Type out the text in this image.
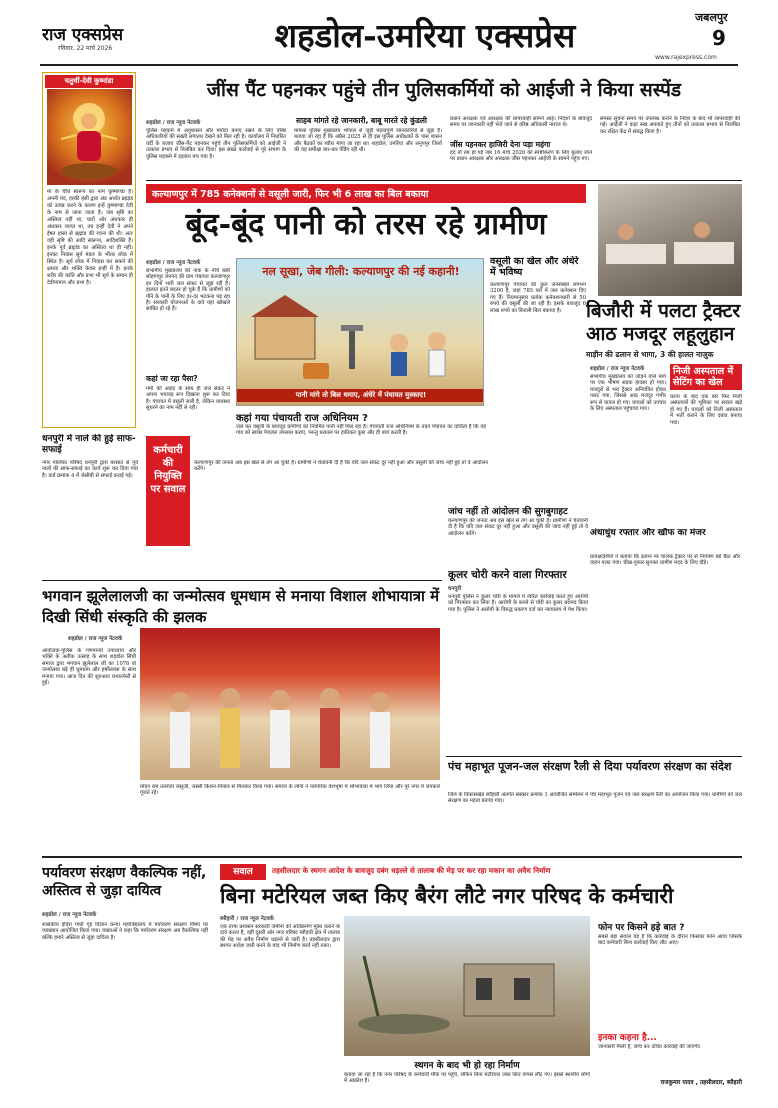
राज एक्सप्रेस
रविवार, 22 मार्च 2026	शहडोल-उमरिया एक्सप्रेस	जबलपुर
9
www.rajexpress.com
चतुर्थी-देवी कुष्मांडा
मां के चौथे स्वरूप का नाम कुष्माण्डा है। अपनी मंद, हल्की हंसी द्वारा अंड अर्थात ब्रह्मांड को उत्पन्न करने के कारण इन्हें कुष्माण्डा देवी के नाम से जाना जाता है। जब सृष्टि का अस्तित्व नहीं था, चारों ओर अंधकार ही अंधकार व्याप्त था, तब इन्हीं देवी ने अपने ईषत हास्य से ब्रह्मांड की रचना की थी। अतः यही सृष्टि की आदि स्वरूपा, आदिशक्ति हैं। इनके पूर्व ब्रह्मांड का अस्तित्व था ही नहीं। इनका निवास सूर्य मंडल के भीतर लोक में स्थित है। सूर्य लोक में निवास कर सकने की क्षमता और शक्ति केवल इन्हीं में है। इनके शरीर की कांति और प्रभा भी सूर्य के समान ही देदीप्यमान और प्रभा है।
धनपुरी में नाले की हुई साफ-सफाई
नगर पालिका परिषद धनपुरी द्वारा बरसात से पूर्व नालों की साफ-सफाई का कार्य शुरू कर दिया गया है। वार्ड क्रमांक 4 में जेसीबी से सफाई कराई गई।
जींस पैंट पहनकर पहुंचे तीन पुलिसकर्मियों को आईजी ने किया सस्पेंड
शहडोल / राज न्यूज नेटवर्क
पुलिस महकमे में अनुशासन और मर्यादा बनाए रखने के लिए वरिष्ठ अधिकारियों की सख्ती लगातार देखने को मिल रही है। कार्यालय में निर्धारित वर्दी के बजाय जींस-पैंट पहनकर पहुंचे तीन पुलिसकर्मियों को आईजी ने तत्काल प्रभाव से निलंबित कर दिया। इस सख्त कार्रवाई से पूरे संभाग के पुलिस महकमे में हड़कंप मच गया है।
साहब मांगते रहे जानकारी, बाबू मारते रहे कुंडली
मामला पुलिस मुख्यालय भोपाल से जुड़ी महत्वपूर्ण जानकारियों से जुड़ा है। बताया जा रहा है कि अप्रैल 2025 से ही इस पुलिस अधीक्षकों के पास शासन और बैठकों का ब्यौरा मांगा जा रहा था। शहडोल, उमरिया और अनूपपुर जिलों की यह समीक्षा बार-बार पेंडिंग रही थी।
प्रधान आरक्षक एवं आरक्षक की लापरवाही सामने आई। निर्देशों के बावजूद समय पर जानकारी नहीं भेजे जाने से वरिष्ठ अधिकारी नाराज थे।
जींस पहनकर हाजिरी देना पड़ा महंगा
हद तो तब हो गई जब 16 मार्च 2026 को स्पष्टीकरण के लिए बुलाए जाने पर प्रधान आरक्षक और आरक्षक जींस पहनकर आईजी के सामने पहुंच गए।
समस्त सूचना समय पर उपलब्ध कराने के निर्देश के बाद भी लापरवाही की गई। आईजी ने कड़ा रुख अपनाते हुए तीनों को तत्काल प्रभाव से निलंबित कर रक्षित केंद्र में संबद्ध किया है।
कल्याणपुर में 785 कनेक्शनों से वसूली जारी, फिर भी 6 लाख का बिल बकाया
बूंद-बूंद पानी को तरस रहे ग्रामीण
शहडोल / राज न्यूज नेटवर्क
संभागीय मुख्यालय की नाक के नीचे बसी सोहागपुर जनपद की ग्राम पंचायत कल्याणपुर इन दिनों भारी जल संकट से जूझ रही है। हालात इतने बदतर हो चुके हैं कि ग्रामीणों को पीने के पानी के लिए दर-दर भटकना पड़ रहा है। सरकारी योजनाओं के दावे यहां खोखले साबित हो रहे हैं।
कहां जा रहा पैसा?
गर्मी की आहट के साथ ही जल संकट ने अपना भयावह रूप दिखाना शुरू कर दिया है। पंचायत में वसूली जारी है, लेकिन व्यवस्था सुधरने का नाम नहीं ले रही।
नल सूखा, जेब गीली: कल्याणपुर की नई कहानी!
पानी मांगे तो बिल थमाए, अंधेरे में पंचायत मुस्काए!
कहां गया पंचायती राज अधिनियम ?
जल कर वसूली के बावजूद ग्रामीणों को नियमित पानी नहीं मिल रहा है। पंचायती राज अधिनियम के तहत पंचायत का दायित्व है कि वह गांव को स्वच्छ पेयजल उपलब्ध कराए, परन्तु धरातल पर हकीकत कुछ और ही बयां करती है।
कर्मचारी की नियुक्ति पर सवाल
कल्याणपुर की जनता अब इस खेल से तंग आ चुकी है। ग्रामीणों ने चेतावनी दी है कि यदि जल संकट दूर नहीं हुआ और वसूली की जांच नहीं हुई तो वे आंदोलन करेंगे।
वसूली का खेल और अंधेरे में भविष्य
कल्याणपुर पंचायत की कुल जनसंख्या लगभग 3200 है, जहां 785 घरों में जल कनेक्शन दिए गए हैं। नियमानुसार प्रत्येक कनेक्शनधारी से 50 रुपये की वसूली की जा रही है। इसके बावजूद 6 लाख रुपये का बिजली बिल बकाया है।
जांच नहीं तो आंदोलन की सुगबुगाहट
कल्याणपुर की जनता अब इस खेल से तंग आ चुकी है। ग्रामीणों ने चेतावनी दी है कि यदि जल संकट दूर नहीं हुआ और वसूली की जांच नहीं हुई तो वे आंदोलन करेंगे।
बिजौरी में पलटा ट्रैक्टर आठ मजदूर लहूलुहान
माड़ीन की ढलान से भागा, 3 की हालत नाज़ुक
शहडोल / राज न्यूज नेटवर्क
संभागीय मुख्यालय को जोड़ने वाले मार्ग पर एक भीषण सड़क हादसा हो गया। मजदूरों से भरा ट्रैक्टर अनियंत्रित होकर पलट गया, जिससे आठ मजदूर गंभीर रूप से घायल हो गए। घायलों को उपचार के लिए अस्पताल पहुंचाया गया।
निजी अस्पताल में सेटिंग का खेल
घटना के बाद एक बार फिर निजी अस्पतालों की भूमिका पर सवाल खड़े हो गए हैं। घायलों को निजी अस्पताल में भर्ती कराने के लिए दबाव बनाया गया।
अंधाधुंध रफ्तार और खौफ का मंजर
प्रत्यक्षदर्शियों ने बताया कि ढलान पर चालक ट्रैक्टर पर से नियंत्रण खो बैठा और वाहन पलट गया। चीख-पुकार सुनकर ग्रामीण मदद के लिए दौड़े।
भगवान झूलेलालजी का जन्मोत्सव धूमधाम से मनाया विशाल शोभायात्रा में दिखी सिंधी संस्कृति की झलक
शहडोल / राज न्यूज नेटवर्क
आयोजक-पुलिस के गणमान्यों उपाध्याय और भक्ति के अतीक उत्साह के साथ शहडोल सिंधी समाज द्वारा भगवान झूलेलाल जी का 1076 वां जन्मोत्सव बड़े ही धूमधाम और हर्षोल्लास के साथ मनाया गया। आज दिन की शुरुआत प्रभातफेरी से हुई।
मोहन राम तलरेजा जसूजी, जस्सी किशन-नियाल से मिलकर किया गया। समाज के लोगों ने पारंपरिक वेशभूषा में शोभायात्रा में भाग लिया और पूरे नगर में जयकारे गूंजते रहे।
कूलर चोरी करने वाला गिरफ्तार
धनपुरी
धनपुरी पुलिस ने कूलर चोरी के मामले में त्वरित कार्रवाई करते हुए आरोपी को गिरफ्तार कर लिया है। आरोपी के कब्जे से चोरी का कूलर बरामद किया गया है। पुलिस ने आरोपी के विरुद्ध प्रकरण दर्ज कर न्यायालय में पेश किया।
पंच महाभूत पूजन-जल संरक्षण रैली से दिया पर्यावरण संरक्षण का संदेश
जिले के विकासखंड ब्यौहारी अंतर्गत संस्कार क्रमांक 1 आयोजित सम्मेलन में पंच महाभूत पूजन एवं जल संरक्षण रैली का आयोजन किया गया। ग्रामीणों को जल संरक्षण का महत्व बताया गया।
पर्यावरण संरक्षण वैकल्पिक नहीं, अस्तित्व से जुड़ा दायित्व
शहडोल / राज न्यूज नेटवर्क
शासकीय इंदिरा गांधी गृह विज्ञान कन्या महाविद्यालय में पर्यावरण संरक्षण विषय पर व्याख्यान आयोजित किया गया। वक्ताओं ने कहा कि पर्यावरण संरक्षण अब वैकल्पिक नहीं बल्कि हमारे अस्तित्व से जुड़ा दायित्व है।
सवाल	तहसीलदार के स्थगन आदेश के बावजूद दबंग धड़ल्ले से तालाब की मेड़ पर कर रहा मकान का अवैध निर्माण
बिना मटेरियल जब्त किए बैरंग लौटे नगर परिषद के कर्मचारी
ब्यौहारी / राज न्यूज नेटवर्क
एक तरफ प्रशासन सरकारी जमीनों को अतिक्रमण मुक्त कराने के दावे करता है, वहीं दूसरी ओर नगर परिषद ब्यौहारी क्षेत्र में तालाब की मेड़ पर अवैध निर्माण धड़ल्ले से जारी है। तहसीलदार द्वारा स्थगन आदेश जारी करने के बाद भी निर्माण कार्य नहीं रुका।
स्थगन के बाद भी हो रहा निर्माण
बताया जा रहा है कि नगर परिषद के कर्मचारी मौके पर पहुंचे, लेकिन बिना मटेरियल जब्त किए वापस लौट गए। इससे स्थानीय लोगों में आक्रोश है।
फोन पर किसने हड़े बात ?
सबसे बड़ा सवाल यह है कि कार्रवाई के दौरान किसका फोन आया जिसके बाद कर्मचारी बिना कार्रवाई किए लौट आए।
इनका कहना है...
जानकारी मिली है, जांच कर उचित कार्रवाई की जाएगी।
राजकुमार यादव , तहसीलदार, ब्यौहारी
